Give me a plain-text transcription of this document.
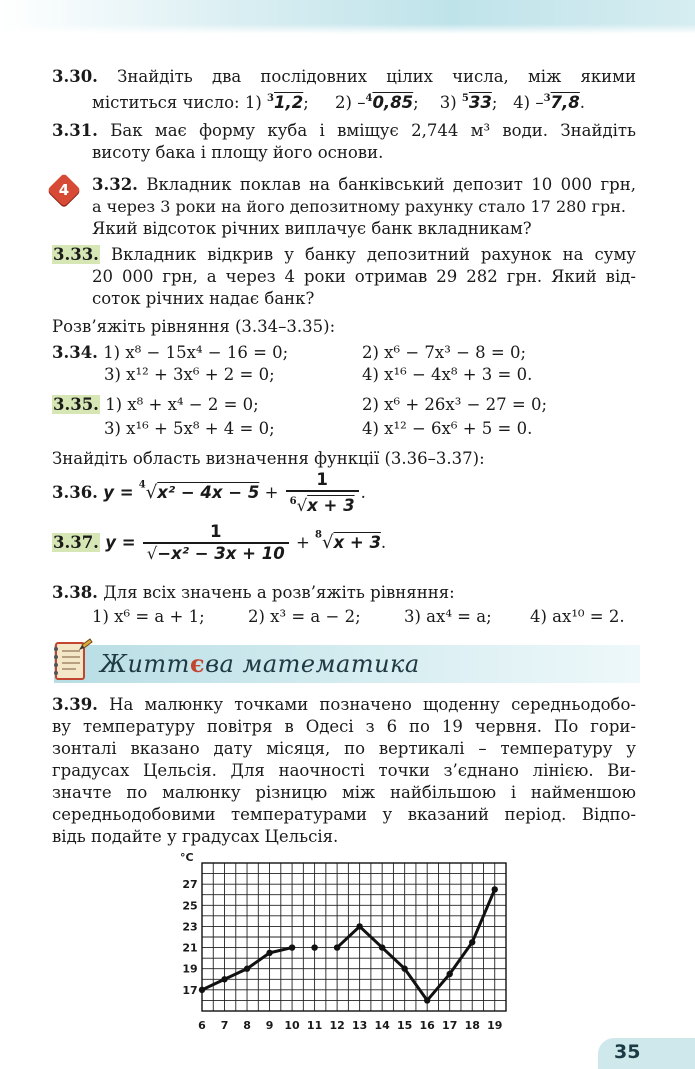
3.30. Знайдіть два послідовних цілих числа, між якими
міститься число: 1) $^3$1,2;     2) –$^4$0,85;    3) $^5$33;   4) –$^3$7,8.
3.31. Бак має форму куба і вміщує 2,744 м³ води. Знайдіть
висоту бака і площу його основи.
4	3.32. Вкладник поклав на банківський депозит 10 000 грн,
а через 3 роки на його депозитному рахунку стало 17 280 грн.
Який відсоток річних виплачує банк вкладникам?
3.33. Вкладник відкрив у банку депозитний рахунок на суму
20 000 грн, а через 4 роки отримав 29 282 грн. Який від-
соток річних надає банк?
Розв’яжіть рівняння (3.34–3.35):
3.34. 1) x⁸ − 15x⁴ − 16 = 0;	2) x⁶ − 7x³ − 8 = 0;
3) x¹² + 3x⁶ + 2 = 0;	4) x¹⁶ − 4x⁸ + 3 = 0.
3.35. 1) x⁸ + x⁴ − 2 = 0;	2) x⁶ + 26x³ − 27 = 0;
3) x¹⁶ + 5x⁸ + 4 = 0;	4) x¹² − 6x⁶ + 5 = 0.
Знайдіть область визначення функції (3.36–3.37):
3.36. $y = ^4√x^2 - 4x - 5 + \frac{1}{^6√x + 3}$ .
3.37. $y = \frac{1}{\text{√−x² − 3x + 10}} + ^8√x + 3$.
3.38. Для всіх значень a розв’яжіть рівняння:
1) x⁶ = a + 1;	2) x³ = a − 2;	3) ax⁴ = a; 4) ax¹⁰ = 2.
Життєва математика
3.39. На малюнку точками позначено щоденну середньодобо-
ву температуру повітря в Одесі з 6 по 19 червня. По гори-
зонталі вказано дату місяця, по вертикалі – температуру у
градусах Цельсія. Для наочності точки з’єднано лінією. Ви-
значте по малюнку різницю між найбільшою і найменшою
середньодобовими температурами у вказаний період. Відпо-
відь подайте у градусах Цельсія.
17
19
21
23
25
27
6 7 8 9 10 11 12 13 14 15 16 17 18 19
°C
35
